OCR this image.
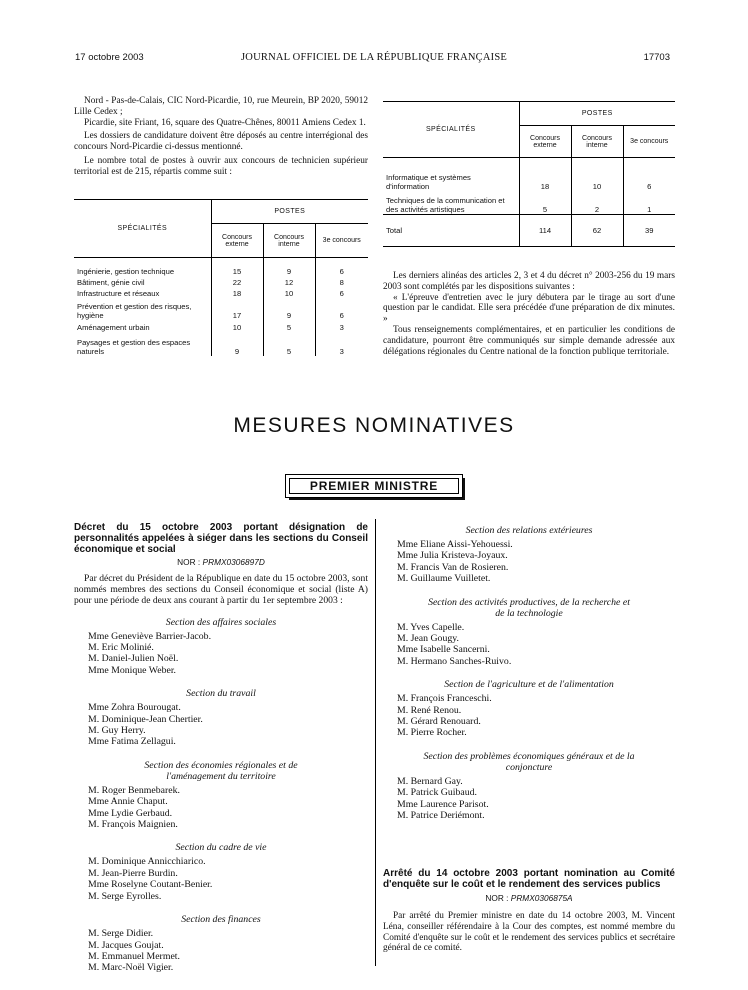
JOURNAL OFFICIEL DE LA RÉPUBLIQUE FRANÇAISE
17 octobre 2003	17703

Nord - Pas-de-Calais, CIC Nord-Picardie, 10, rue Meurein, BP 2020, 59012 Lille Cedex ;

Picardie, site Friant, 16, square des Quatre-Chênes, 80011 Amiens Cedex 1.

Les dossiers de candidature doivent être déposés au centre interrégional des concours Nord-Picardie ci-dessus mentionné.

Le nombre total de postes à ouvrir aux concours de technicien supérieur territorial est de 215, répartis comme suit :

SPÉCIALITÉS	POSTES		
	Concours externe	Concours interne	3e concours
Ingénierie, gestion technique	15	9	6
Bâtiment, génie civil	22	12	8
Infrastructure et réseaux	18	10	6
Prévention et gestion des risques, hygiène	17	9	6
Aménagement urbain	10	5	3
Paysages et gestion des espaces naturels	9	5	3
SPÉCIALITÉS	POSTES		
	Concours externe	Concours interne	3e concours
Informatique et systèmes d'information	18	10	6
Techniques de la communication et des activités artistiques	5	2	1
Total	114	62	39

Les derniers alinéas des articles 2, 3 et 4 du décret n° 2003-256 du 19 mars 2003 sont complétés par les dispositions suivantes :

« L'épreuve d'entretien avec le jury débutera par le tirage au sort d'une question par le candidat. Elle sera précédée d'une préparation de dix minutes. »

Tous renseignements complémentaires, et en particulier les conditions de candidature, pourront être communiqués sur simple demande adressée aux délégations régionales du Centre national de la fonction publique territoriale.

MESURES NOMINATIVES
PREMIER MINISTRE

Décret du 15 octobre 2003 portant désignation de personnalités appelées à siéger dans les sections du Conseil économique et social

NOR : PRMX0306897D

Par décret du Président de la République en date du 15 octobre 2003, sont nommés membres des sections du Conseil économique et social (liste A) pour une période de deux ans courant à partir du 1er septembre 2003 :

Section des affaires sociales
Mme Geneviève Barrier-Jacob.
M. Eric Molinié.
M. Daniel-Julien Noël.
Mme Monique Weber.
Section du travail
Mme Zohra Bourougat.
M. Dominique-Jean Chertier.
M. Guy Herry.
Mme Fatima Zellagui.
Section des économies régionales et de l'aménagement du territoire
M. Roger Benmebarek.
Mme Annie Chaput.
Mme Lydie Gerbaud.
M. François Maignien.
Section du cadre de vie
M. Dominique Annicchiarico.
M. Jean-Pierre Burdin.
Mme Roselyne Coutant-Benier.
M. Serge Eyrolles.
Section des finances
M. Serge Didier.
M. Jacques Goujat.
M. Emmanuel Mermet.
M. Marc-Noël Vigier.
Section des relations extérieures
Mme Eliane Aissi-Yehouessi.
Mme Julia Kristeva-Joyaux.
M. Francis Van de Rosieren.
M. Guillaume Vuilletet.
Section des activités productives, de la recherche et de la technologie
M. Yves Capelle.
M. Jean Gougy.
Mme Isabelle Sancerni.
M. Hermano Sanches-Ruivo.
Section de l'agriculture et de l'alimentation
M. François Franceschi.
M. René Renou.
M. Gérard Renouard.
M. Pierre Rocher.
Section des problèmes économiques généraux et de la conjoncture
M. Bernard Gay.
M. Patrick Guibaud.
Mme Laurence Parisot.
M. Patrice Deriémont.

Arrêté du 14 octobre 2003 portant nomination au Comité d'enquête sur le coût et le rendement des services publics

NOR : PRMX0306875A

Par arrêté du Premier ministre en date du 14 octobre 2003, M. Vincent Léna, conseiller référendaire à la Cour des comptes, est nommé membre du Comité d'enquête sur le coût et le rendement des services publics et secrétaire général de ce comité.
